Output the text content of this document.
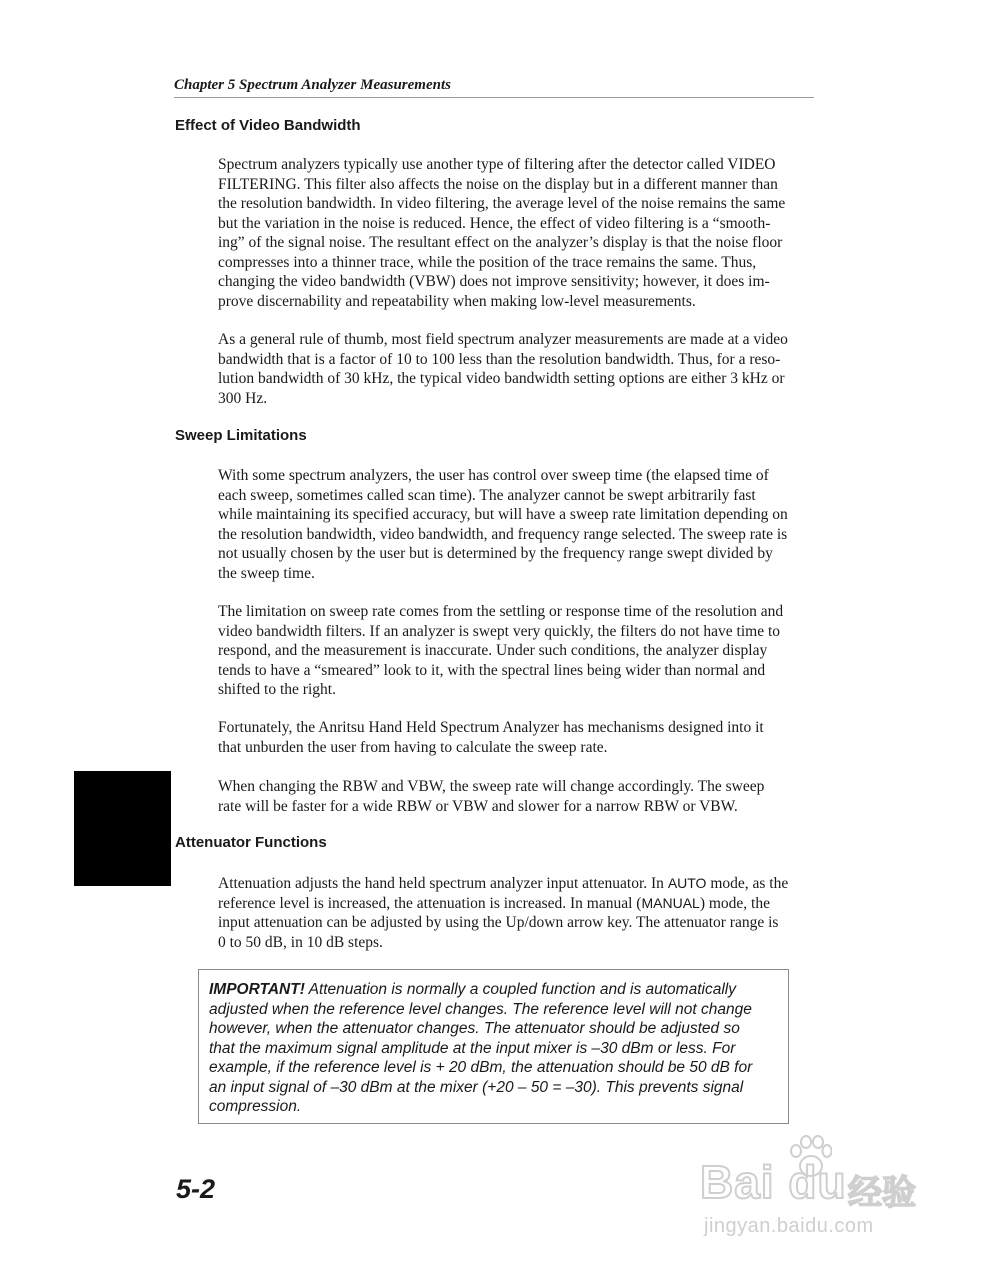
Chapter 5 Spectrum Analyzer Measurements
Effect of Video Bandwidth

Spectrum analyzers typically use another type of filtering after the detector called VIDEO
FILTERING. This filter also affects the noise on the display but in a different manner than
the resolution bandwidth. In video filtering, the average level of the noise remains the same
but the variation in the noise is reduced. Hence, the effect of video filtering is a “smooth-
ing” of the signal noise. The resultant effect on the analyzer’s display is that the noise floor
compresses into a thinner trace, while the position of the trace remains the same. Thus,
changing the video bandwidth (VBW) does not improve sensitivity; however, it does im-
prove discernability and repeatability when making low-level measurements.

As a general rule of thumb, most field spectrum analyzer measurements are made at a video
bandwidth that is a factor of 10 to 100 less than the resolution bandwidth. Thus, for a reso-
lution bandwidth of 30 kHz, the typical video bandwidth setting options are either 3 kHz or
300 Hz.

Sweep Limitations

With some spectrum analyzers, the user has control over sweep time (the elapsed time of
each sweep, sometimes called scan time). The analyzer cannot be swept arbitrarily fast
while maintaining its specified accuracy, but will have a sweep rate limitation depending on
the resolution bandwidth, video bandwidth, and frequency range selected. The sweep rate is
not usually chosen by the user but is determined by the frequency range swept divided by
the sweep time.

The limitation on sweep rate comes from the settling or response time of the resolution and
video bandwidth filters. If an analyzer is swept very quickly, the filters do not have time to
respond, and the measurement is inaccurate. Under such conditions, the analyzer display
tends to have a “smeared” look to it, with the spectral lines being wider than normal and
shifted to the right.

Fortunately, the Anritsu Hand Held Spectrum Analyzer has mechanisms designed into it
that unburden the user from having to calculate the sweep rate.

When changing the RBW and VBW, the sweep rate will change accordingly. The sweep
rate will be faster for a wide RBW or VBW and slower for a narrow RBW or VBW.

Attenuator Functions

Attenuation adjusts the hand held spectrum analyzer input attenuator. In AUTO mode, as the
reference level is increased, the attenuation is increased. In manual (MANUAL) mode, the
input attenuation can be adjusted by using the Up/down arrow key. The attenuator range is
0 to 50 dB, in 10 dB steps.

IMPORTANT! Attenuation is normally a coupled function and is automatically
adjusted when the reference level changes. The reference level will not change
however, when the attenuator changes. The attenuator should be adjusted so
that the maximum signal amplitude at the input mixer is –30 dBm or less. For
example, if the reference level is + 20 dBm, the attenuation should be 50 dB for
an input signal of –30 dBm at the mixer (+20 – 50 = –30). This prevents signal
compression.

5-2	Bai du 经验
jingyan.baidu.com
